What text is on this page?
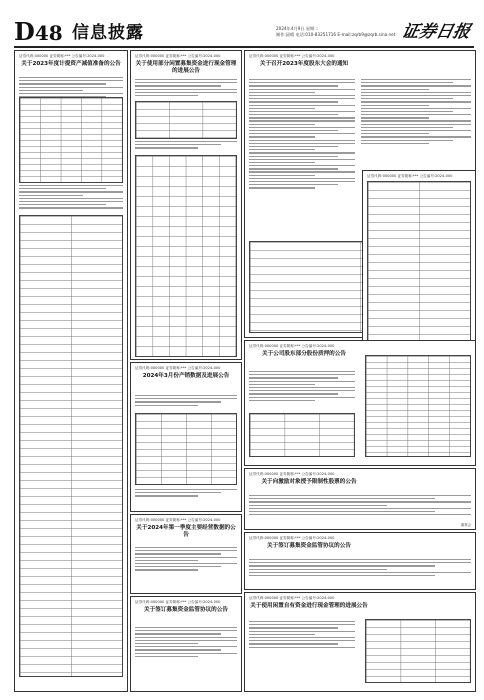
D48 信息披露	2024年4月9日 星期二
制作:邱晴 电话:010-83251716 E-mail:zqrb9@zqrb.sina.net 证券日报
证券代码:000000 证券简称:*** 公告编号:2024-000
关于2023年度计提资产减值准备的公告
证券代码:000000 证券简称:*** 公告编号:2024-000
关于使用部分闲置募集资金进行现金管理的进展公告
证券代码:000000 证券简称:*** 公告编号:2024-000
2024年3月份产销数据及进展公告
证券代码:000000 证券简称:*** 公告编号:2024-000
关于2024年第一季度主要经营数据的公告
证券代码:000000 证券简称:*** 公告编号:2024-000
关于签订募集资金监管协议的公告
证券代码:000000 证券简称:*** 公告编号:2024-000
关于召开2023年度股东大会的通知
证券代码:000000 证券简称:*** 公告编号:2024-000
证券代码:000000 证券简称:*** 公告编号:2024-000
关于公司股东部分股份质押的公告
证券代码:000000 证券简称:*** 公告编号:2024-000
关于向激励对象授予限制性股票的公告
董事会
证券代码:000000 证券简称:*** 公告编号:2024-000
关于签订募集资金监管协议的公告
证券代码:000000 证券简称:*** 公告编号:2024-000
关于使用闲置自有资金进行现金管理的进展公告
